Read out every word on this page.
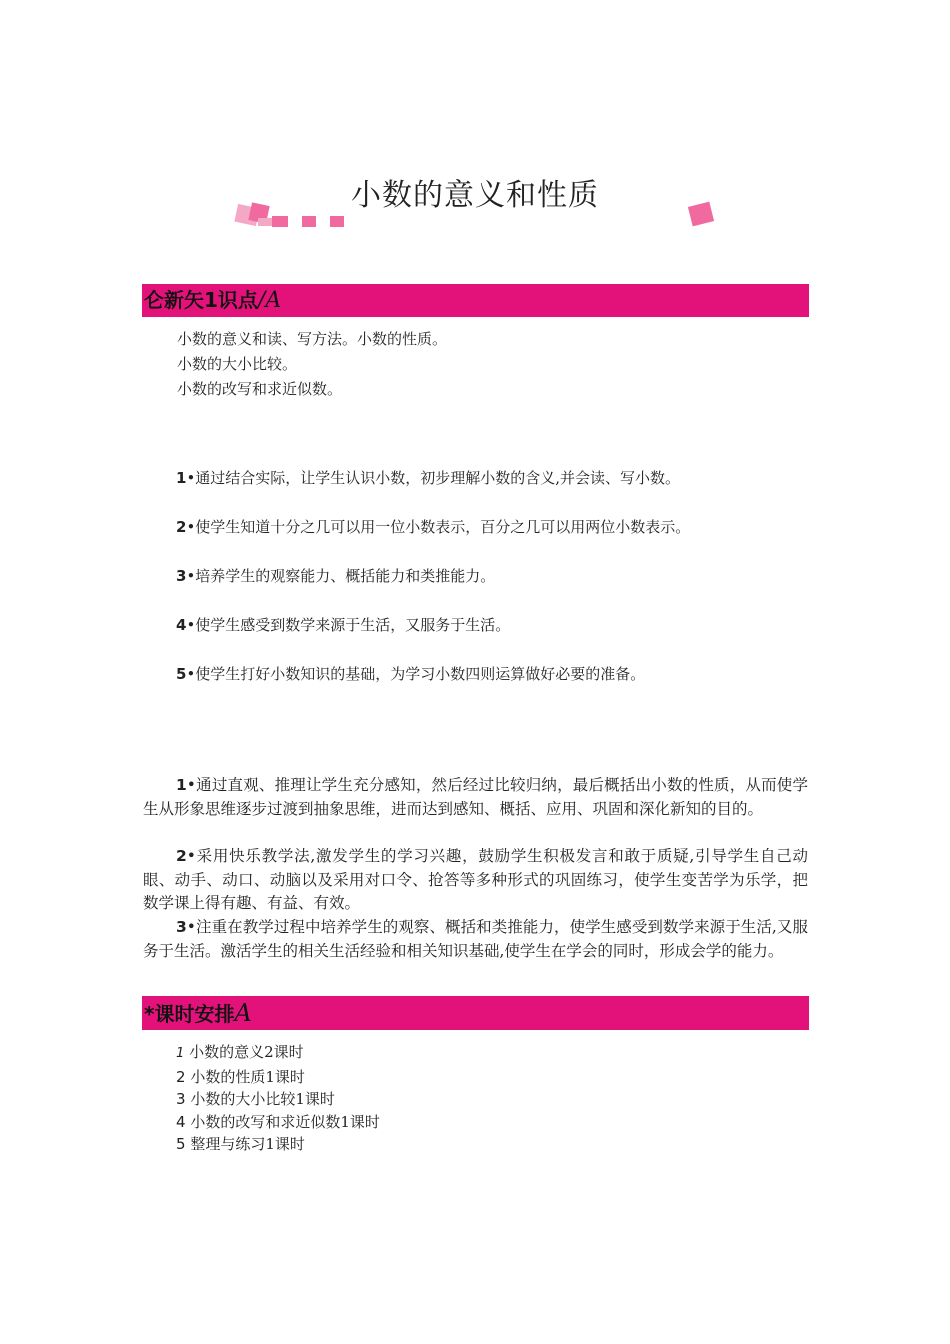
小数的意义和性质
仑新矢1识点/A
小数的意义和读、写方法。小数的性质。
小数的大小比较。
小数的改写和求近似数。
1•通过结合实际，让学生认识小数，初步理解小数的含义,并会读、写小数。
2•使学生知道十分之几可以用一位小数表示，百分之几可以用两位小数表示。
3•培养学生的观察能力、概括能力和类推能力。
4•使学生感受到数学来源于生活，又服务于生活。
5•使学生打好小数知识的基础，为学习小数四则运算做好必要的准备。
1•通过直观、推理让学生充分感知，然后经过比较归纳，最后概括出小数的性质，从而使学生从形象思维逐步过渡到抽象思维，进而达到感知、概括、应用、巩固和深化新知的目的。
2•采用快乐教学法,激发学生的学习兴趣，鼓励学生积极发言和敢于质疑,引导学生自己动眼、动手、动口、动脑以及采用对口令、抢答等多种形式的巩固练习，使学生变苦学为乐学，把数学课上得有趣、有益、有效。
3•注重在教学过程中培养学生的观察、概括和类推能力，使学生感受到数学来源于生活,又服务于生活。激活学生的相关生活经验和相关知识基础,使学生在学会的同时，形成会学的能力。
*课时安排A
1 小数的意义2课时
2 小数的性质1课时
3 小数的大小比较1课时
4 小数的改写和求近似数1课时
5 整理与练习1课时
